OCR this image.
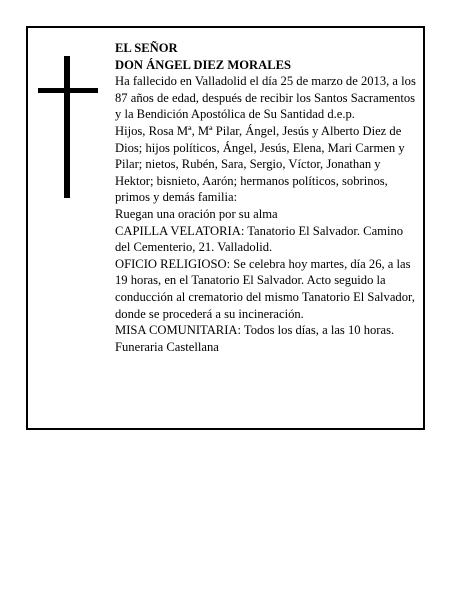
EL SEÑOR

DON ÁNGEL DIEZ MORALES

Ha fallecido en Valladolid el día 25 de marzo de 2013, a los 87 años de edad, después de recibir los Santos Sacramentos y la Bendición Apostólica de Su Santidad d.e.p.

Hijos, Rosa Mª, Mª Pilar, Ángel, Jesús y Alberto Diez de Dios; hijos políticos, Ángel, Jesús, Elena, Mari Carmen y Pilar; nietos, Rubén, Sara, Sergio, Víctor, Jonathan y Hektor; bisnieto, Aarón; hermanos políticos, sobrinos, primos y demás familia:

Ruegan una oración por su alma

CAPILLA VELATORIA: Tanatorio El Salvador. Camino del Cementerio, 21. Valladolid.

OFICIO RELIGIOSO: Se celebra hoy martes, día 26, a las 19 horas, en el Tanatorio El Salvador. Acto seguido la conducción al crematorio del mismo Tanatorio El Salvador, donde se procederá a su incineración.

MISA COMUNITARIA: Todos los días, a las 10 horas.

Funeraria Castellana
